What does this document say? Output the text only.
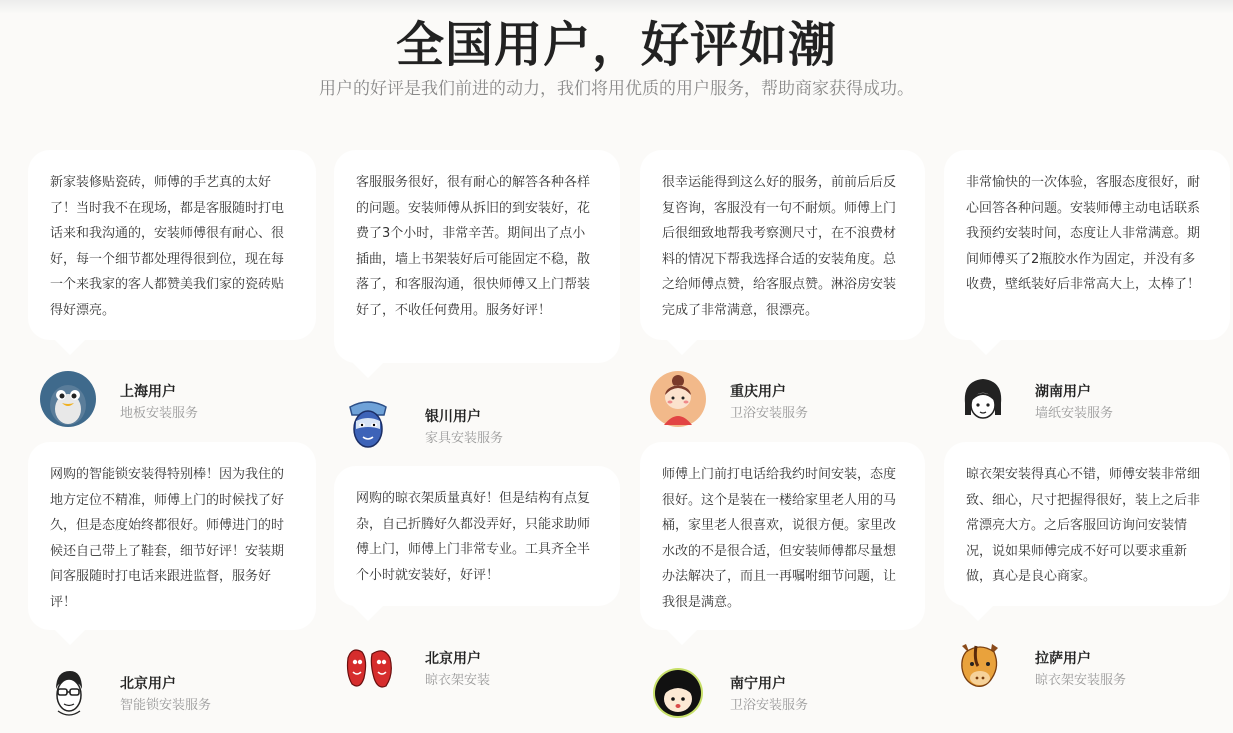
全国用户，好评如潮

用户的好评是我们前进的动力，我们将用优质的用户服务，帮助商家获得成功。

新家装修贴瓷砖，师傅的手艺真的太好了！当时我不在现场，都是客服随时打电话来和我沟通的，安装师傅很有耐心、很好，每一个细节都处理得很到位，现在每一个来我家的客人都赞美我们家的瓷砖贴得好漂亮。

上海用户
地板安装服务

客服服务很好，很有耐心的解答各种各样的问题。安装师傅从拆旧的到安装好，花费了3个小时，非常辛苦。期间出了点小插曲，墙上书架装好后可能固定不稳，散落了，和客服沟通，很快师傅又上门帮装好了，不收任何费用。服务好评！

银川用户
家具安装服务

很幸运能得到这么好的服务，前前后后反复咨询，客服没有一句不耐烦。师傅上门后很细致地帮我考察测尺寸，在不浪费材料的情况下帮我选择合适的安装角度。总之给师傅点赞，给客服点赞。淋浴房安装完成了非常满意，很漂亮。

重庆用户
卫浴安装服务

非常愉快的一次体验，客服态度很好，耐心回答各种问题。安装师傅主动电话联系我预约安装时间，态度让人非常满意。期间师傅买了2瓶胶水作为固定，并没有多收费，壁纸装好后非常高大上，太棒了！

湖南用户
墙纸安装服务

网购的智能锁安装得特别棒！因为我住的地方定位不精准，师傅上门的时候找了好久，但是态度始终都很好。师傅进门的时候还自己带上了鞋套，细节好评！安装期间客服随时打电话来跟进监督，服务好评！

北京用户
智能锁安装服务

网购的晾衣架质量真好！但是结构有点复杂，自己折腾好久都没弄好，只能求助师傅上门，师傅上门非常专业。工具齐全半个小时就安装好，好评！

北京用户
晾衣架安装

师傅上门前打电话给我约时间安装，态度很好。这个是装在一楼给家里老人用的马桶，家里老人很喜欢，说很方便。家里改水改的不是很合适，但安装师傅都尽量想办法解决了，而且一再嘱咐细节问题，让我很是满意。

南宁用户
卫浴安装服务

晾衣架安装得真心不错，师傅安装非常细致、细心，尺寸把握得很好，装上之后非常漂亮大方。之后客服回访询问安装情况，说如果师傅完成不好可以要求重新做，真心是良心商家。

拉萨用户
晾衣架安装服务
